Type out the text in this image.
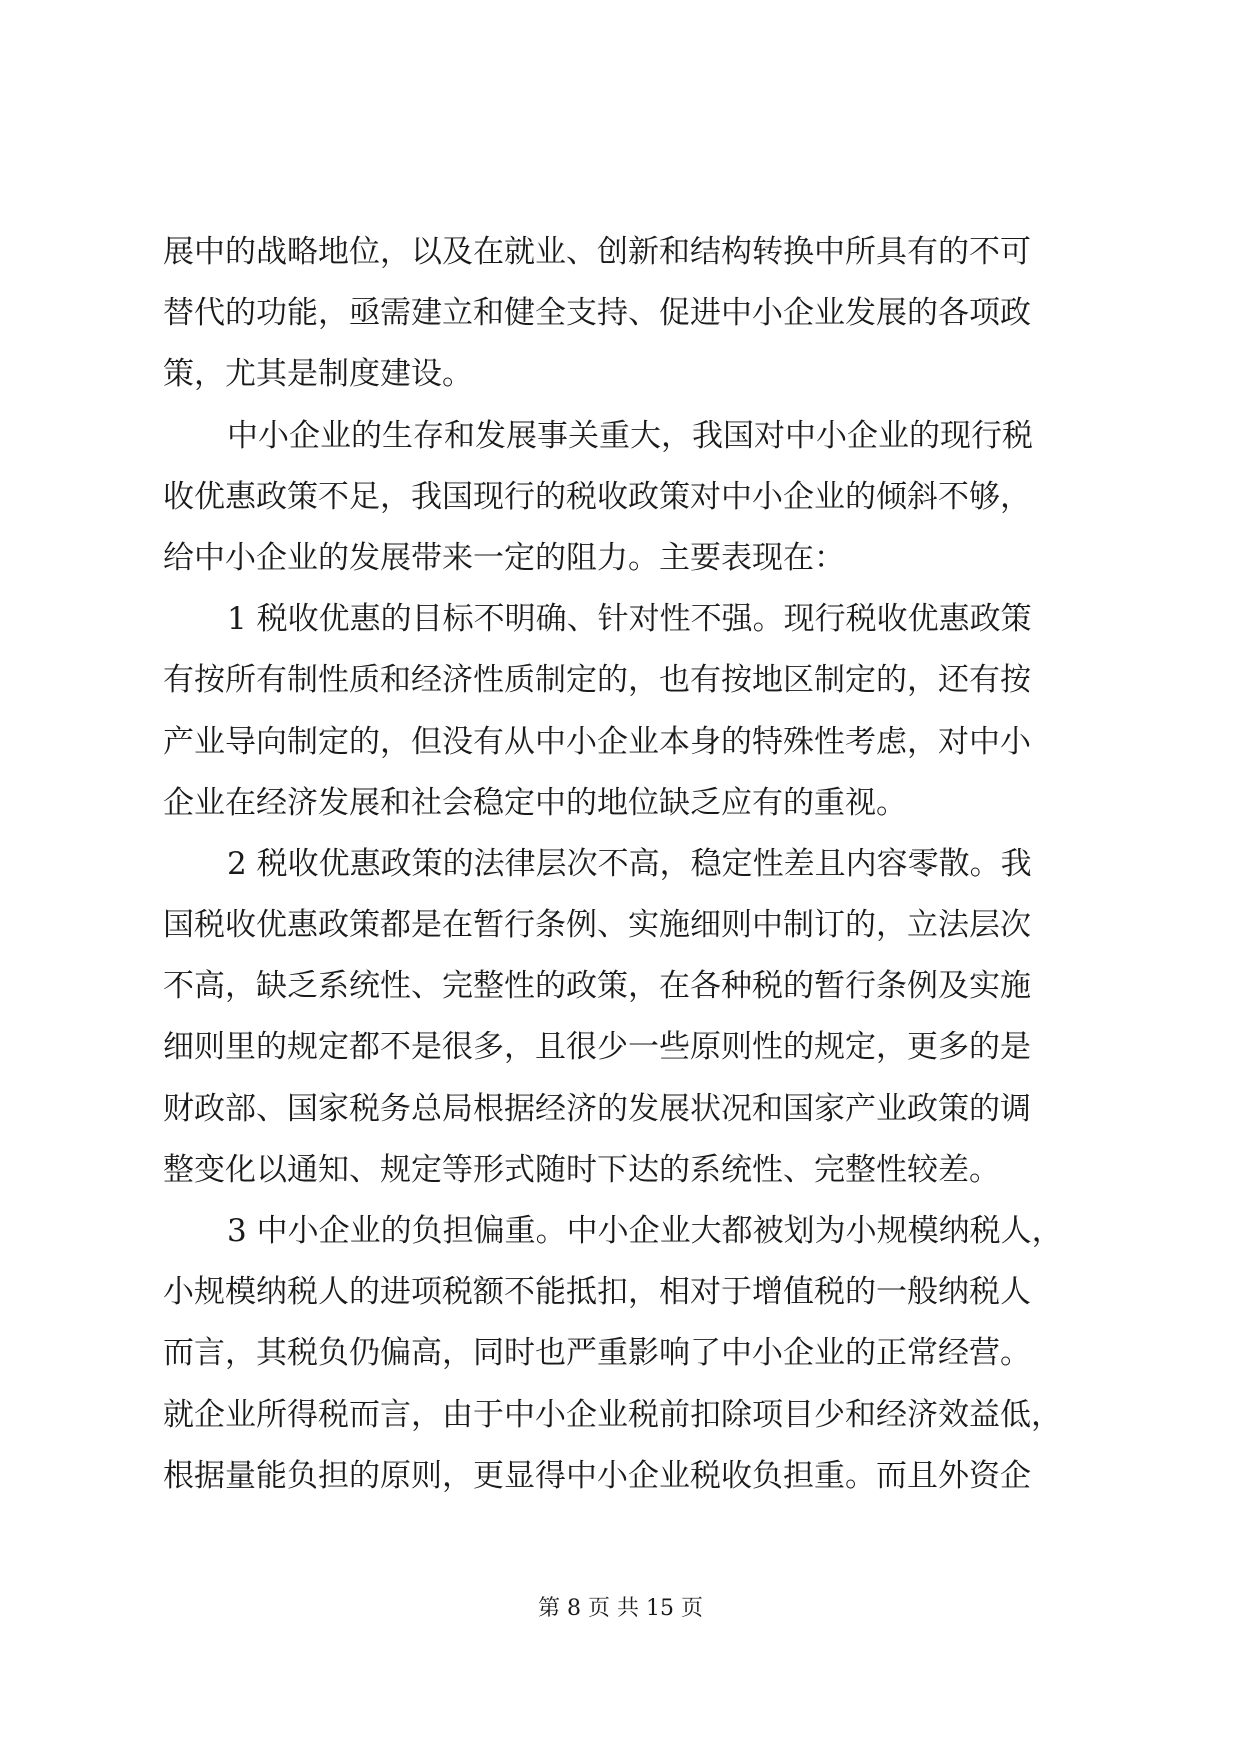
展中的战略地位，以及在就业、创新和结构转换中所具有的不可
替代的功能，亟需建立和健全支持、促进中小企业发展的各项政
策，尤其是制度建设。
中小企业的生存和发展事关重大，我国对中小企业的现行税
收优惠政策不足，我国现行的税收政策对中小企业的倾斜不够，
给中小企业的发展带来一定的阻力。主要表现在：
1 税收优惠的目标不明确、针对性不强。现行税收优惠政策
有按所有制性质和经济性质制定的，也有按地区制定的，还有按
产业导向制定的，但没有从中小企业本身的特殊性考虑，对中小
企业在经济发展和社会稳定中的地位缺乏应有的重视。
2 税收优惠政策的法律层次不高，稳定性差且内容零散。我
国税收优惠政策都是在暂行条例、实施细则中制订的，立法层次
不高，缺乏系统性、完整性的政策，在各种税的暂行条例及实施
细则里的规定都不是很多，且很少一些原则性的规定，更多的是
财政部、国家税务总局根据经济的发展状况和国家产业政策的调
整变化以通知、规定等形式随时下达的系统性、完整性较差。
3 中小企业的负担偏重。中小企业大都被划为小规模纳税人，
小规模纳税人的进项税额不能抵扣，相对于增值税的一般纳税人
而言，其税负仍偏高，同时也严重影响了中小企业的正常经营。
就企业所得税而言，由于中小企业税前扣除项目少和经济效益低，
根据量能负担的原则，更显得中小企业税收负担重。而且外资企
第 8 页 共 15 页
